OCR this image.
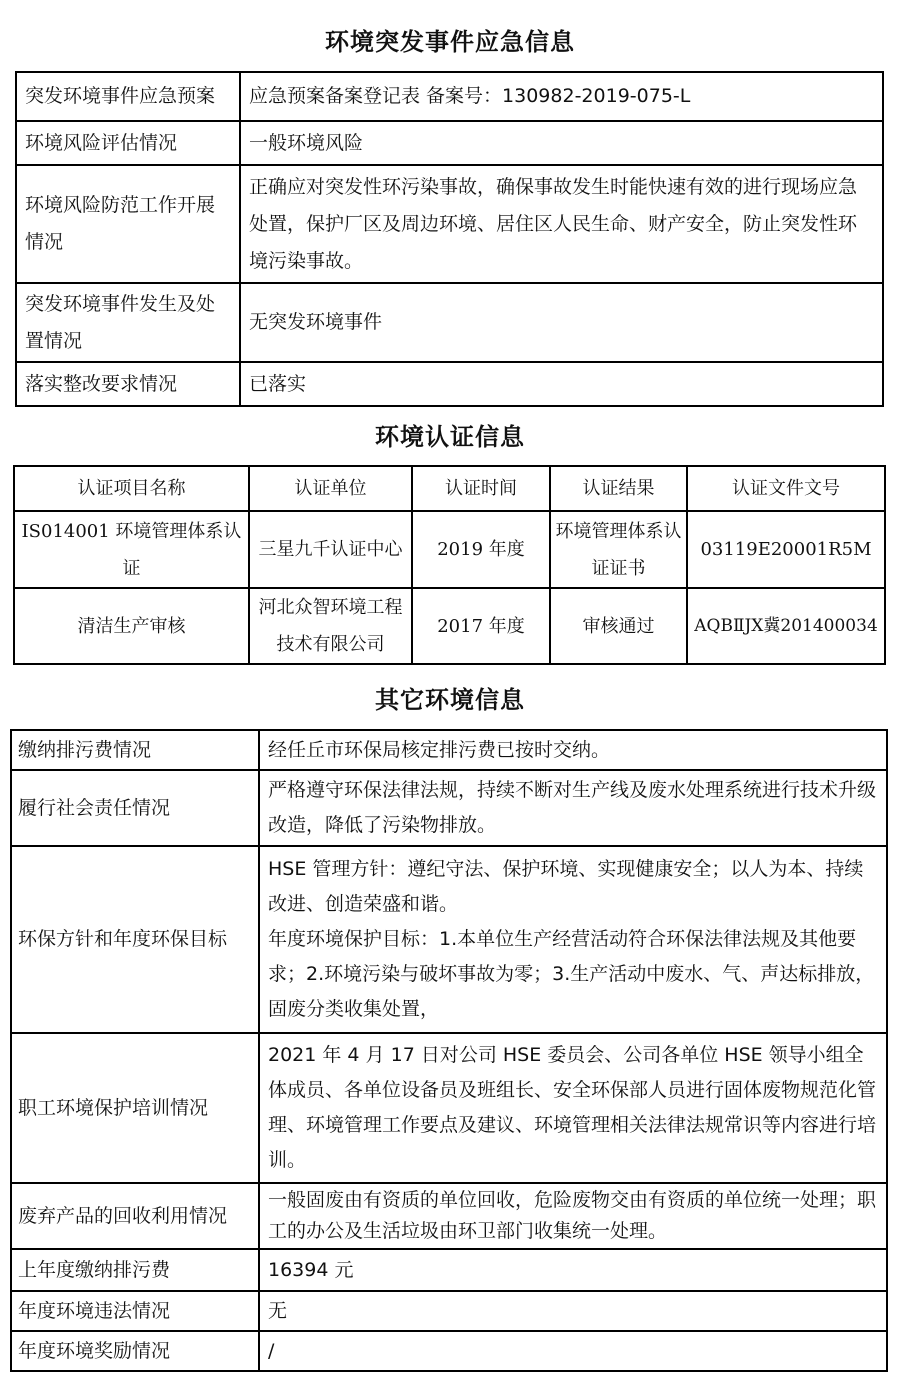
环境突发事件应急信息
突发环境事件应急预案	应急预案备案登记表 备案号：130982-2019-075-L
环境风险评估情况	一般环境风险
环境风险防范工作开展情况	正确应对突发性环污染事故，确保事故发生时能快速有效的进行现场应急处置，保护厂区及周边环境、居住区人民生命、财产安全，防止突发性环境污染事故。
突发环境事件发生及处置情况	无突发环境事件
落实整改要求情况	已落实
环境认证信息
认证项目名称	认证单位	认证时间	认证结果	认证文件文号
IS014001 环境管理体系认证	三星九千认证中心	2019 年度	环境管理体系认证证书	03119E20001R5M
清洁生产审核	河北众智环境工程技术有限公司	2017 年度	审核通过	AQBⅡJX冀201400034
其它环境信息
缴纳排污费情况	经任丘市环保局核定排污费已按时交纳。
履行社会责任情况	严格遵守环保法律法规，持续不断对生产线及废水处理系统进行技术升级改造，降低了污染物排放。
环保方针和年度环保目标	HSE 管理方针：遵纪守法、保护环境、实现健康安全；以人为本、持续改进、创造荣盛和谐。
年度环境保护目标：1.本单位生产经营活动符合环保法律法规及其他要求；2.环境污染与破坏事故为零；3.生产活动中废水、气、声达标排放，固废分类收集处置，

职工环境保护培训情况	2021 年 4 月 17 日对公司 HSE 委员会、公司各单位 HSE 领导小组全体成员、各单位设备员及班组长、安全环保部人员进行固体废物规范化管理、环境管理工作要点及建议、环境管理相关法律法规常识等内容进行培训。
废弃产品的回收利用情况	一般固废由有资质的单位回收，危险废物交由有资质的单位统一处理；职工的办公及生活垃圾由环卫部门收集统一处理。
上年度缴纳排污费	16394 元
年度环境违法情况	无
年度环境奖励情况	/
